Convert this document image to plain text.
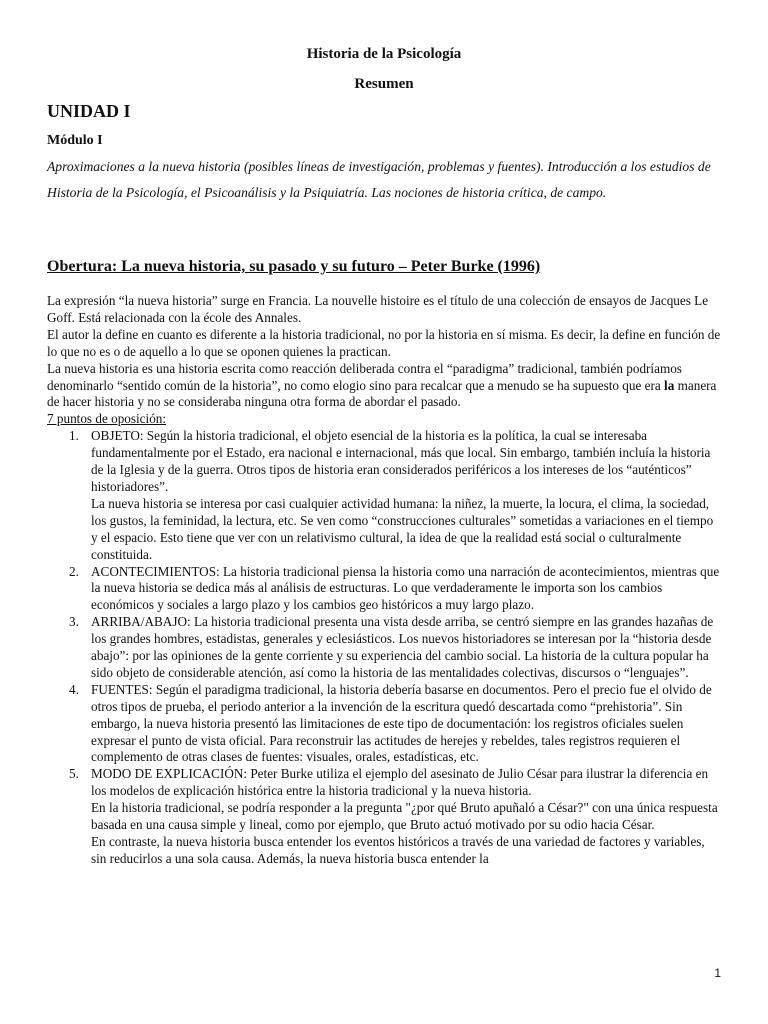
Historia de la Psicología
Resumen
UNIDAD I
Módulo I

Aproximaciones a la nueva historia (posibles líneas de investigación, problemas y fuentes). Introducción a los estudios de Historia de la Psicología, el Psicoanálisis y la Psiquiatría. Las nociones de historia crítica, de campo.

Obertura: La nueva historia, su pasado y su futuro – Peter Burke (1996)

La expresión “la nueva historia” surge en Francia. La nouvelle histoire es el título de una colección de ensayos de Jacques Le Goff. Está relacionada con la école des Annales.

El autor la define en cuanto es diferente a la historia tradicional, no por la historia en sí misma. Es decir, la define en función de lo que no es o de aquello a lo que se oponen quienes la practican.

La nueva historia es una historia escrita como reacción deliberada contra el “paradigma” tradicional, también podríamos denominarlo “sentido común de la historia”, no como elogio sino para recalcar que a menudo se ha supuesto que era la manera de hacer historia y no se consideraba ninguna otra forma de abordar el pasado.

7 puntos de oposición:

1. OBJETO: Según la historia tradicional, el objeto esencial de la historia es la política, la cual se interesaba fundamentalmente por el Estado, era nacional e internacional, más que local. Sin embargo, también incluía la historia de la Iglesia y de la guerra. Otros tipos de historia eran considerados periféricos a los intereses de los “auténticos” historiadores”.

La nueva historia se interesa por casi cualquier actividad humana: la niñez, la muerte, la locura, el clima, la sociedad, los gustos, la feminidad, la lectura, etc. Se ven como “construcciones culturales” sometidas a variaciones en el tiempo y el espacio. Esto tiene que ver con un relativismo cultural, la idea de que la realidad está social o culturalmente constituida.

2. ACONTECIMIENTOS: La historia tradicional piensa la historia como una narración de acontecimientos, mientras que la nueva historia se dedica más al análisis de estructuras. Lo que verdaderamente le importa son los cambios económicos y sociales a largo plazo y los cambios geo históricos a muy largo plazo.

3. ARRIBA/ABAJO: La historia tradicional presenta una vista desde arriba, se centró siempre en las grandes hazañas de los grandes hombres, estadistas, generales y eclesiásticos. Los nuevos historiadores se interesan por la “historia desde abajo”: por las opiniones de la gente corriente y su experiencia del cambio social. La historia de la cultura popular ha sido objeto de considerable atención, así como la historia de las mentalidades colectivas, discursos o “lenguajes”.

4. FUENTES: Según el paradigma tradicional, la historia debería basarse en documentos. Pero el precio fue el olvido de otros tipos de prueba, el periodo anterior a la invención de la escritura quedó descartada como “prehistoria”. Sin embargo, la nueva historia presentó las limitaciones de este tipo de documentación: los registros oficiales suelen expresar el punto de vista oficial. Para reconstruir las actitudes de herejes y rebeldes, tales registros requieren el complemento de otras clases de fuentes: visuales, orales, estadísticas, etc.

5. MODO DE EXPLICACIÓN: Peter Burke utiliza el ejemplo del asesinato de Julio César para ilustrar la diferencia en los modelos de explicación histórica entre la historia tradicional y la nueva historia.

En la historia tradicional, se podría responder a la pregunta "¿por qué Bruto apuñaló a César?" con una única respuesta basada en una causa simple y lineal, como por ejemplo, que Bruto actuó motivado por su odio hacia César.

En contraste, la nueva historia busca entender los eventos históricos a través de una variedad de factores y variables, sin reducirlos a una sola causa. Además, la nueva historia busca entender la

1
